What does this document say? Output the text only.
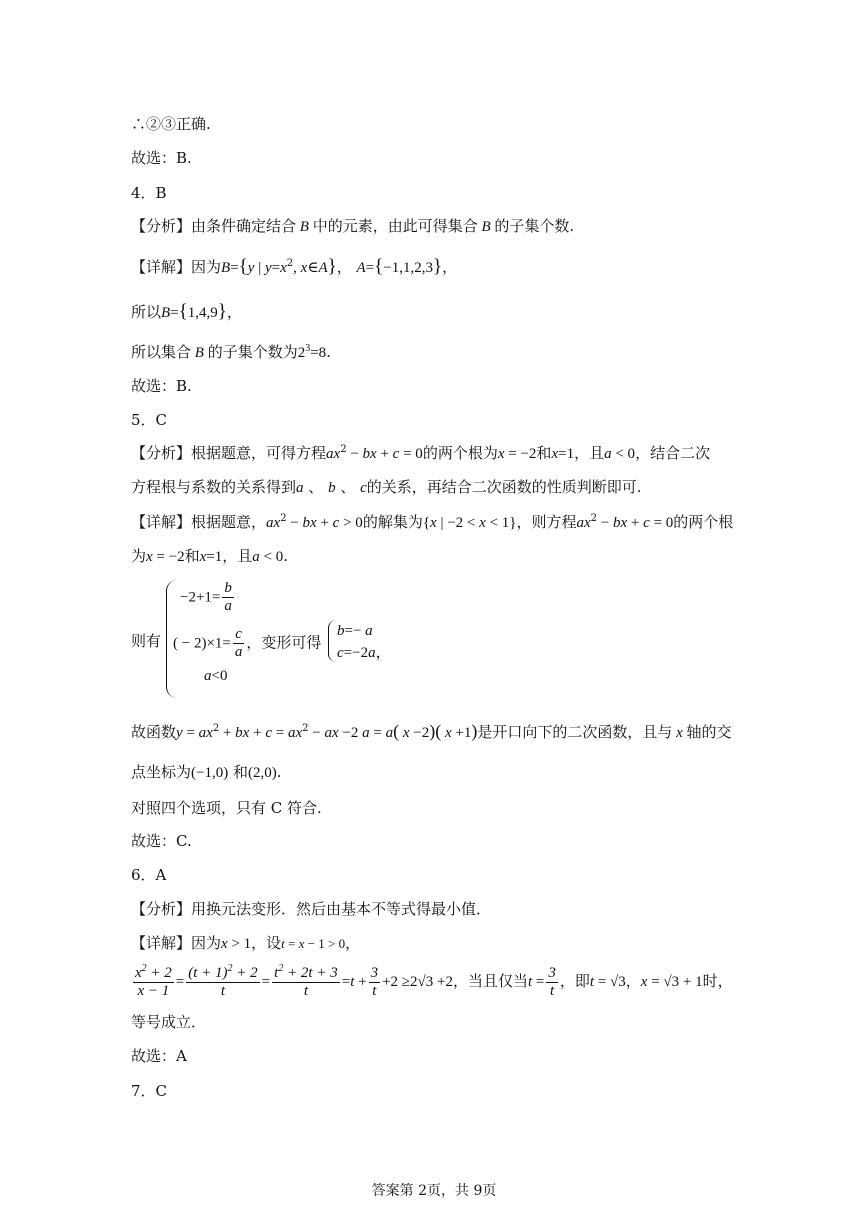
∴②③正确.
故选：B.
4．B
【分析】由条件确定结合 B 中的元素，由此可得集合 B 的子集个数.
【详解】因为B={y | $y=x^2$, x∈A}， A={−1,1,2,3}，
所以B={1,4,9}，
所以集合 B 的子集个数为$2^3=8$.
故选：B.
5．C
【分析】根据题意，可得方程$ax^2$ − bx + c = 0的两个根为x = −2和x=1，且a < 0，结合二次
方程根与系数的关系得到a 、 b 、 c的关系，再结合二次函数的性质判断即可.
【详解】根据题意，$ax^2$ − bx + c > 0的解集为{x | −2 < x < 1}，则方程$ax^2$ − bx + c = 0的两个根
为x = −2和x=1，且a < 0.
则有
$-2+1= \frac{b}{a}$
( − $2)\times 1= \frac{c}{a}$ ，变形可得
a<0
b=− a
c=−2a，
故函数$y = ax^2$ + bx + $c = ax^2$ − ax −2 a = a( x −2)( x +1)是开口向下的二次函数，且与 x 轴的交
点坐标为(−1,0) 和(2,0).
对照四个选项，只有 C 符合.
故选：C.
6．A
【分析】用换元法变形．然后由基本不等式得最小值．
【详解】因为x > 1，设t = x − 1 > 0，
$\frac{x^2 + 2}{x - 1} = \frac{(t + 1)^2 + 2}{t} = \frac{t^2 + 2t + 3}{t} =t + \frac{3}{t} +2 \ge 2√3 +2$，当且仅当$t = \frac{3}{t}$ ，即t = √3，x = √3 + 1时，
等号成立．
故选：A
7．C
答案第 2页，共 9页
